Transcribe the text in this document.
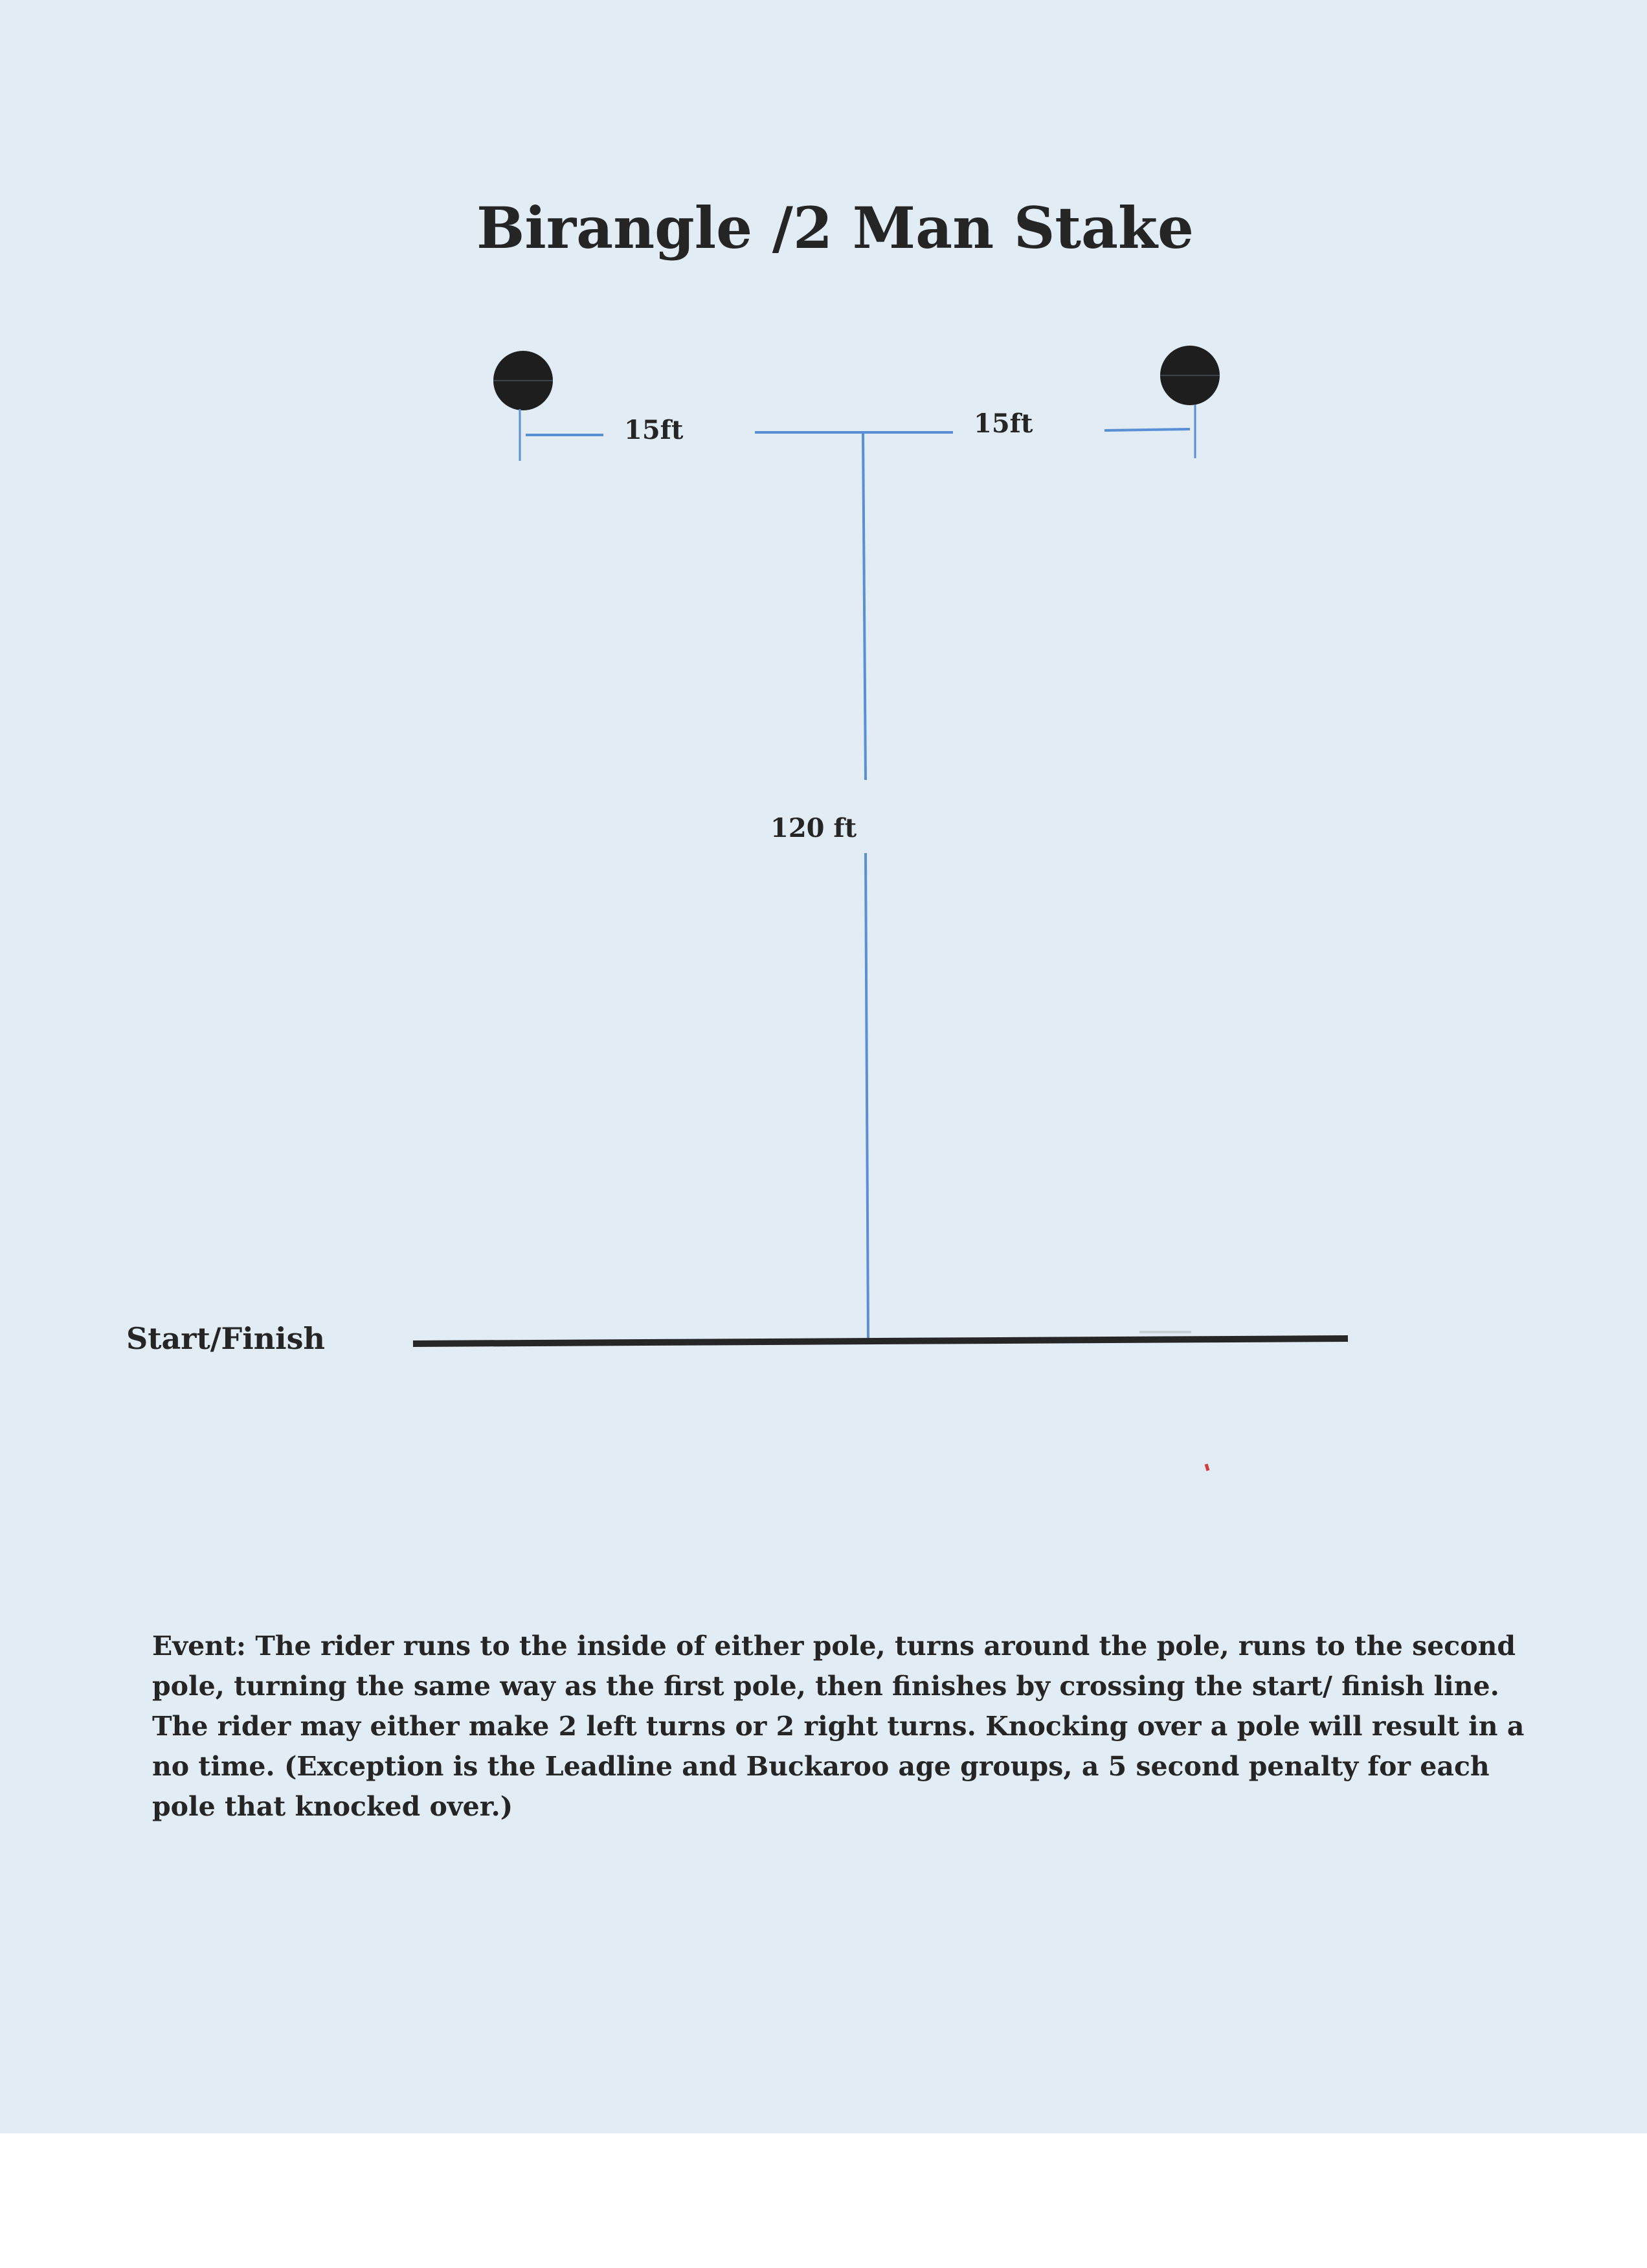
Birangle /2 Man Stake
15ft	15ft
120 ft
Start/Finish

Event: The rider runs to the inside of either pole, turns around the pole, runs to the second pole, turning the same way as the first pole, then finishes by crossing the start/ finish line. The rider may either make 2 left turns or 2 right turns. Knocking over a pole will result in a no time. (Exception is the Leadline and Buckaroo age groups, a 5 second penalty for each pole that knocked over.)
